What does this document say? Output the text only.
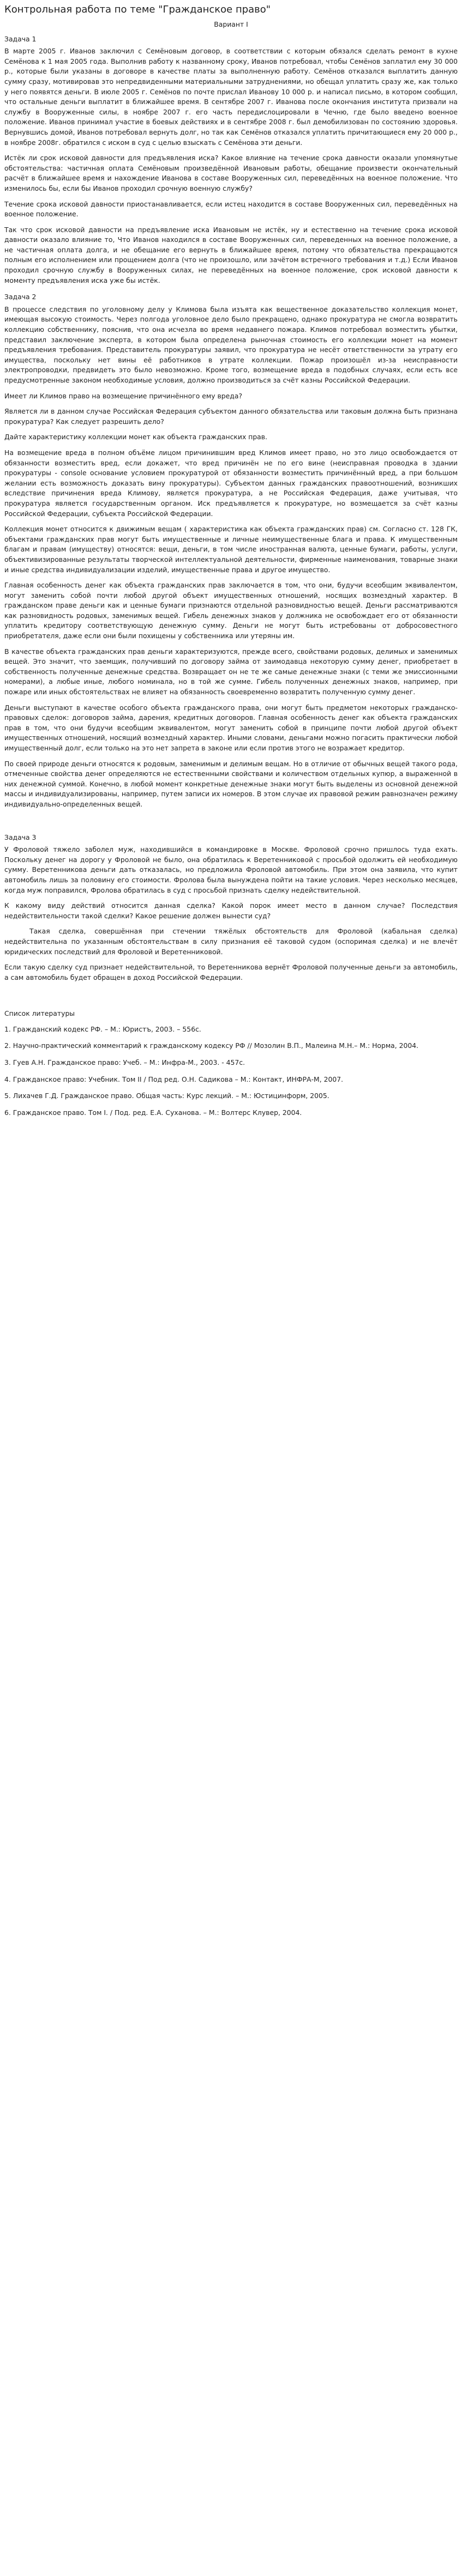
Контрольная работа по теме "Гражданское право"
Вариант I
Задача 1

В марте 2005 г. Иванов заключил с Семёновым договор, в соответствии с которым обязался сделать ремонт в кухне Семёнова к 1 мая 2005 года. Выполнив работу к названному сроку, Иванов потребовал, чтобы Семёнов заплатил ему 30 000 р., которые были указаны в договоре в качестве платы за выполненную работу. Семёнов отказался выплатить данную сумму сразу, мотивировав это непредвиденными материальными затруднениями, но обещал уплатить сразу же, как только у него появятся деньги. В июле 2005 г. Семёнов по почте прислал Иванову 10 000 р. и написал письмо, в котором сообщил, что остальные деньги выплатит в ближайшее время. В сентябре 2007 г. Иванова после окончания института призвали на службу в Вооруженные силы, в ноябре 2007 г. его часть передислоцировали в Чечню, где было введено военное положение. Иванов принимал участие в боевых действиях и в сентябре 2008 г. был демобилизован по состоянию здоровья. Вернувшись домой, Иванов потребовал вернуть долг, но так как Семёнов отказался уплатить причитающиеся ему 20 000 р., в ноябре 2008г. обратился с иском в суд с целью взыскать с Семёнова эти деньги.

Истёк ли срок исковой давности для предъявления иска? Какое влияние на течение срока давности оказали упомянутые обстоятельства: частичная оплата Семёновым произведённой Ивановым работы, обещание произвести окончательный расчёт в ближайшее время и нахождение Иванова в составе Вооруженных сил, переведённых на военное положение. Что изменилось бы, если бы Иванов проходил срочную военную службу?

Течение срока исковой давности приостанавливается, если истец находится в составе Вооруженных сил, переведённых на военное положение.

Так что срок исковой давности на предъявление иска Ивановым не истёк, ну и естественно на течение срока исковой давности оказало влияние то, Что Иванов находился в составе Вооруженных сил, переведенных на военное положение, а не частичная оплата долга, и не обещание его вернуть в ближайшее время, потому что обязательства прекращаются полным его исполнением или прощением долга (что не произошло, или зачётом встречного требования и т.д.) Если Иванов проходил срочную службу в Вооруженных силах, не переведённых на военное положение, срок исковой давности к моменту предъявления иска уже бы истёк.

Задача 2

В процессе следствия по уголовному делу у Климова была изъята как вещественное доказательство коллекция монет, имеющая высокую стоимость. Через полгода уголовное дело было прекращено, однако прокуратура не смогла возвратить коллекцию собственнику, пояснив, что она исчезла во время недавнего пожара. Климов потребовал возместить убытки, представил заключение эксперта, в котором была определена рыночная стоимость его коллекции монет на момент предъявления требования. Представитель прокуратуры заявил, что прокуратура не несёт ответственности за утрату его имущества, поскольку нет вины её работников в утрате коллекции. Пожар произошёл из-за неисправности электропроводки, предвидеть это было невозможно. Кроме того, возмещение вреда в подобных случаях, если есть все предусмотренные законом необходимые условия, должно производиться за счёт казны Российской Федерации.

Имеет ли Климов право на возмещение причинённого ему вреда?

Является ли в данном случае Российская Федерация субъектом данного обязательства или таковым должна быть признана прокуратура? Как следует разрешить дело?

Дайте характеристику коллекции монет как объекта гражданских прав.

На возмещение вреда в полном объёме лицом причинившим вред Климов имеет право, но это лицо освобождается от обязанности возместить вред, если докажет, что вред причинён не по его вине (неисправная проводка в здании прокуратуры - console основание условием прокуратурой от обязанности возместить причинённый вред, а при большом желании есть возможность доказать вину прокуратуры). Субъектом данных гражданских правоотношений, возникших вследствие причинения вреда Климову, является прокуратура, а не Российская Федерация, даже учитывая, что прокуратура является государственным органом. Иск предъявляется к прокуратуре, но возмещается за счёт казны Российской Федерации, субъекта Российской Федерации.

Коллекция монет относится к движимым вещам ( характеристика как объекта гражданских прав) см. Согласно ст. 128 ГК, объектами гражданских прав могут быть имущественные и личные неимущественные блага и права. К имущественным благам и правам (имуществу) относятся: вещи, деньги, в том числе иностранная валюта, ценные бумаги, работы, услуги, объективизированные результаты творческой интеллектуальной деятельности, фирменные наименования, товарные знаки и иные средства индивидуализации изделий, имущественные права и другое имущество.

Главная особенность денег как объекта гражданских прав заключается в том, что они, будучи всеобщим эквивалентом, могут заменить собой почти любой другой объект имущественных отношений, носящих возмездный характер. В гражданском праве деньги как и ценные бумаги признаются отдельной разновидностью вещей. Деньги рассматриваются как разновидность родовых, заменимых вещей. Гибель денежных знаков у должника не освобождает его от обязанности уплатить кредитору соответствующую денежную сумму. Деньги не могут быть истребованы от добросовестного приобретателя, даже если они были похищены у собственника или утеряны им.

В качестве объекта гражданских прав деньги характеризуются, прежде всего, свойствами родовых, делимых и заменимых вещей. Это значит, что заемщик, получивший по договору займа от заимодавца некоторую сумму денег, приобретает в собственность полученные денежные средства. Возвращает он не те же самые денежные знаки (с теми же эмиссионными номерами), а любые иные, любого номинала, но в той же сумме. Гибель полученных денежных знаков, например, при пожаре или иных обстоятельствах не влияет на обязанность своевременно возвратить полученную сумму денег.

Деньги выступают в качестве особого объекта гражданского права, они могут быть предметом некоторых гражданско-правовых сделок: договоров займа, дарения, кредитных договоров. Главная особенность денег как объекта гражданских прав в том, что они будучи всеобщим эквивалентом, могут заменить собой в принципе почти любой другой объект имущественных отношений, носящий возмездный характер. Иными словами, деньгами можно погасить практически любой имущественный долг, если только на это нет запрета в законе или если против этого не возражает кредитор.

По своей природе деньги относятся к родовым, заменимым и делимым вещам. Но в отличие от обычных вещей такого рода, отмеченные свойства денег определяются не естественными свойствами и количеством отдельных купюр, а выраженной в них денежной суммой. Конечно, в любой момент конкретные денежные знаки могут быть выделены из основной денежной массы и индивидуализированы, например, путем записи их номеров. В этом случае их правовой режим равнозначен режиму индивидуально-определенных вещей.

Задача 3

У Фроловой тяжело заболел муж, находившийся в командировке в Москве. Фроловой срочно пришлось туда ехать. Поскольку денег на дорогу у Фроловой не было, она обратилась к Веретенниковой с просьбой одолжить ей необходимую сумму. Веретенникова деньги дать отказалась, но предложила Фроловой автомобиль. При этом она заявила, что купит автомобиль лишь за половину его стоимости. Фролова была вынуждена пойти на такие условия. Через несколько месяцев, когда муж поправился, Фролова обратилась в суд с просьбой признать сделку недействительной.

К какому виду действий относится данная сделка? Какой порок имеет место в данном случае? Последствия недействительности такой сделки? Какое решение должен вынести суд?

Такая сделка, совершённая при стечении тяжёлых обстоятельств для Фроловой (кабальная сделка) недействительна по указанным обстоятельствам в силу признания её таковой судом (оспоримая сделка) и не влечёт юридических последствий для Фроловой и Веретенниковой.

Если такую сделку суд признает недействительной, то Веретенникова вернёт Фроловой полученные деньги за автомобиль, а сам автомобиль будет обращен в доход Российской Федерации.

Список литературы
1. Гражданский кодекс РФ. – М.: Юристъ, 2003. – 556с.
2. Научно-практический комментарий к гражданскому кодексу РФ // Мозолин В.П., Малеина М.Н.– М.: Норма, 2004.
3. Гуев А.Н. Гражданское право: Учеб. – М.: Инфра-М., 2003. - 457с.
4. Гражданское право: Учебник. Том II / Под ред. О.Н. Садикова – М.: Контакт, ИНФРА-М, 2007.
5. Лихачев Г.Д. Гражданское право. Общая часть: Курс лекций. – М.: Юстицинформ, 2005.
6. Гражданское право. Том I. / Под. ред. Е.А. Суханова. – М.: Волтерс Клувер, 2004.
